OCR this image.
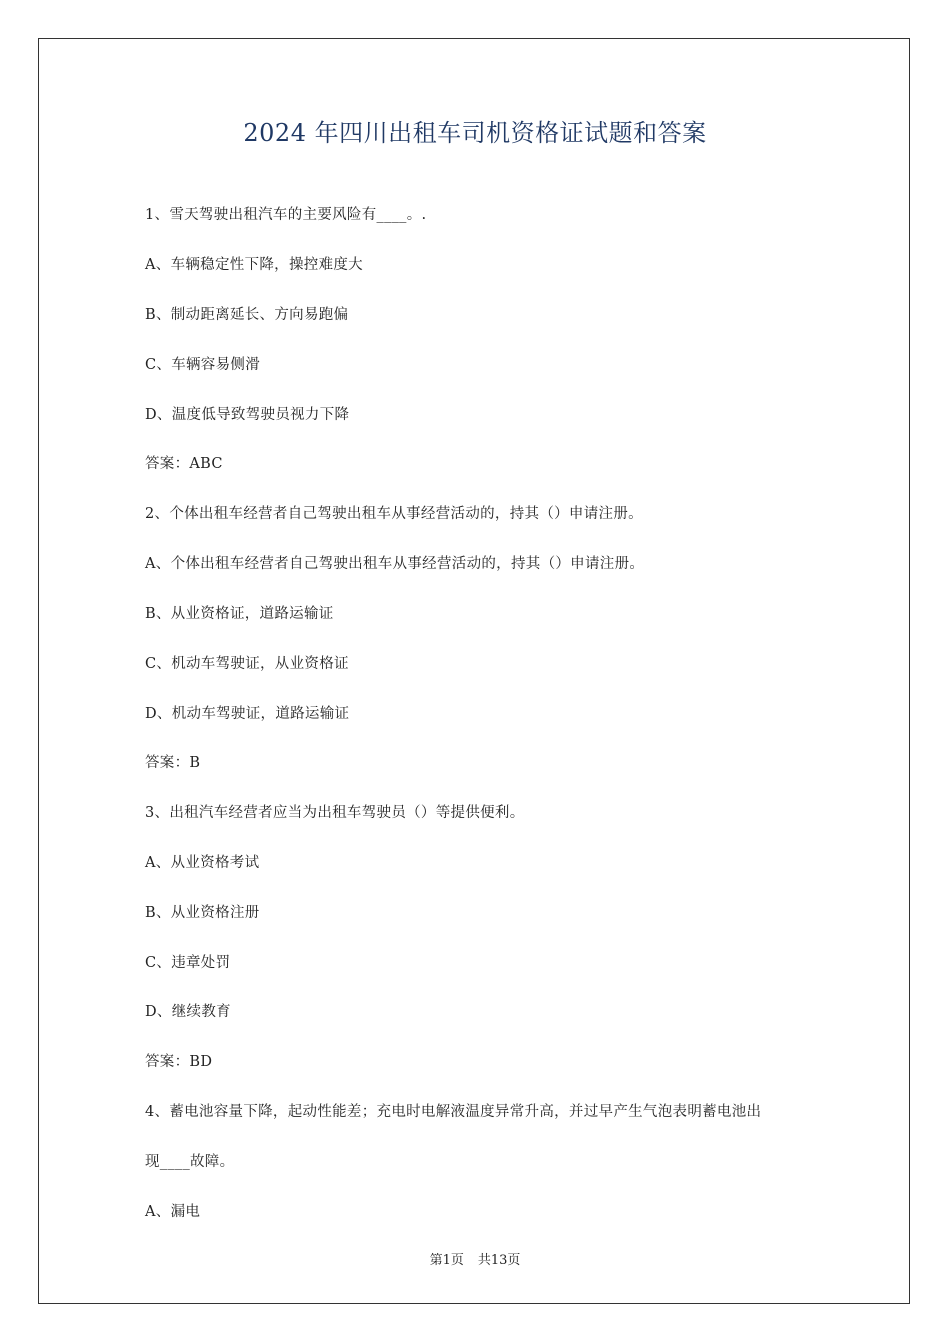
2024 年四川出租车司机资格证试题和答案
1、雪天驾驶出租汽车的主要风险有____。.
A、车辆稳定性下降，操控难度大
B、制动距离延长、方向易跑偏
C、车辆容易侧滑
D、温度低导致驾驶员视力下降
答案：ABC
2、个体出租车经营者自己驾驶出租车从事经营活动的，持其（）申请注册。
A、个体出租车经营者自己驾驶出租车从事经营活动的，持其（）申请注册。
B、从业资格证，道路运输证
C、机动车驾驶证，从业资格证
D、机动车驾驶证，道路运输证
答案：B
3、出租汽车经营者应当为出租车驾驶员（）等提供便利。
A、从业资格考试
B、从业资格注册
C、违章处罚
D、继续教育
答案：BD
4、蓄电池容量下降，起动性能差；充电时电解液温度异常升高，并过早产生气泡表明蓄电池出
现____故障。
A、漏电
第1页 共13页
